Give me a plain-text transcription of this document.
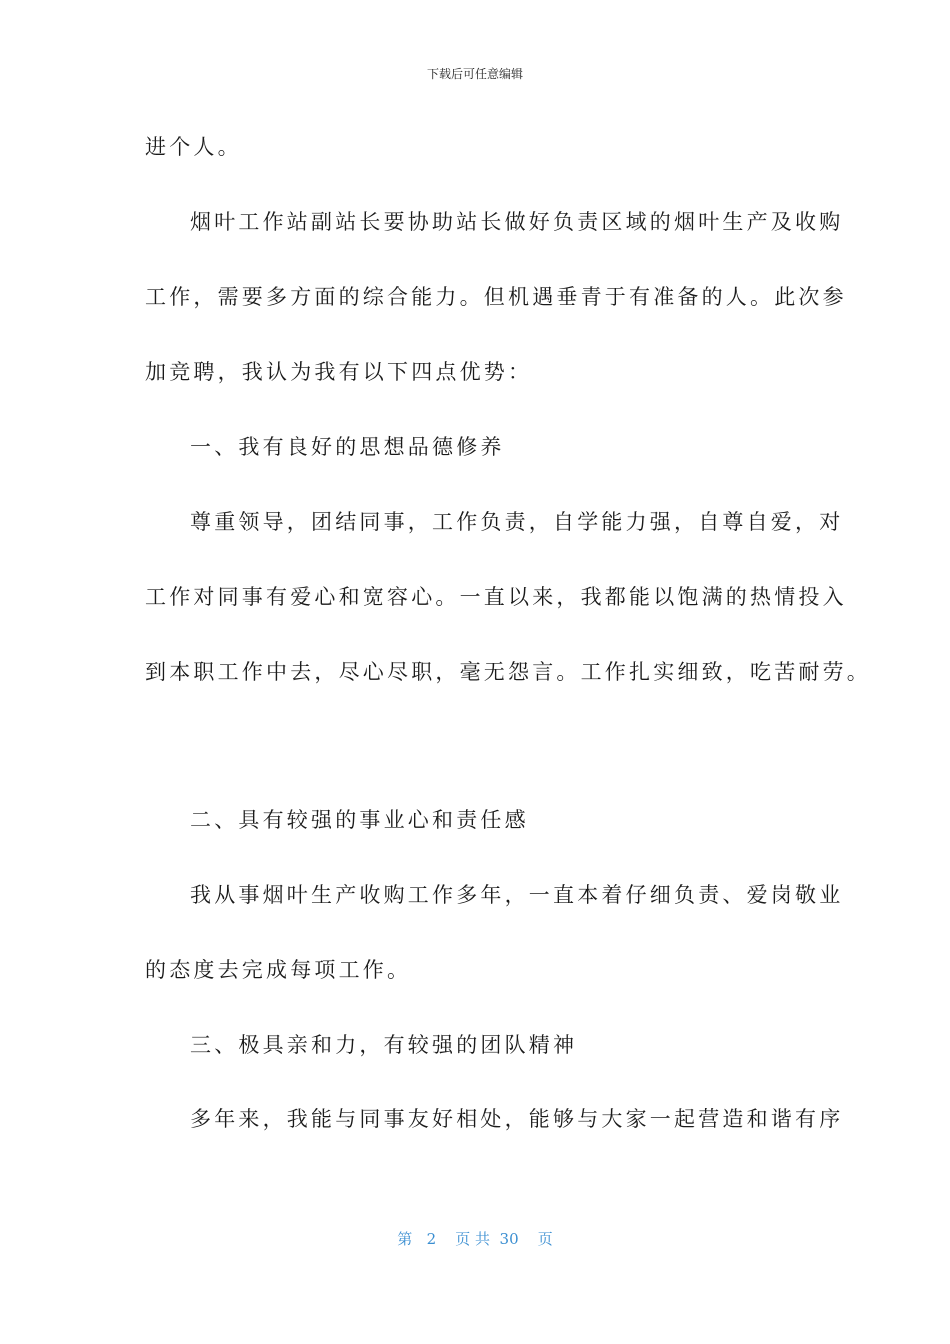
下载后可任意编辑
进个人。
烟叶工作站副站长要协助站长做好负责区域的烟叶生产及收购
工作，需要多方面的综合能力。但机遇垂青于有准备的人。此次参
加竞聘，我认为我有以下四点优势：
一、我有良好的思想品德修养
尊重领导，团结同事，工作负责，自学能力强，自尊自爱，对
工作对同事有爱心和宽容心。一直以来，我都能以饱满的热情投入
到本职工作中去，尽心尽职，毫无怨言。工作扎实细致，吃苦耐劳。
二、具有较强的事业心和责任感
我从事烟叶生产收购工作多年，一直本着仔细负责、爱岗敬业
的态度去完成每项工作。
三、极具亲和力，有较强的团队精神
多年来，我能与同事友好相处，能够与大家一起营造和谐有序
第 2 页 共 30 页
